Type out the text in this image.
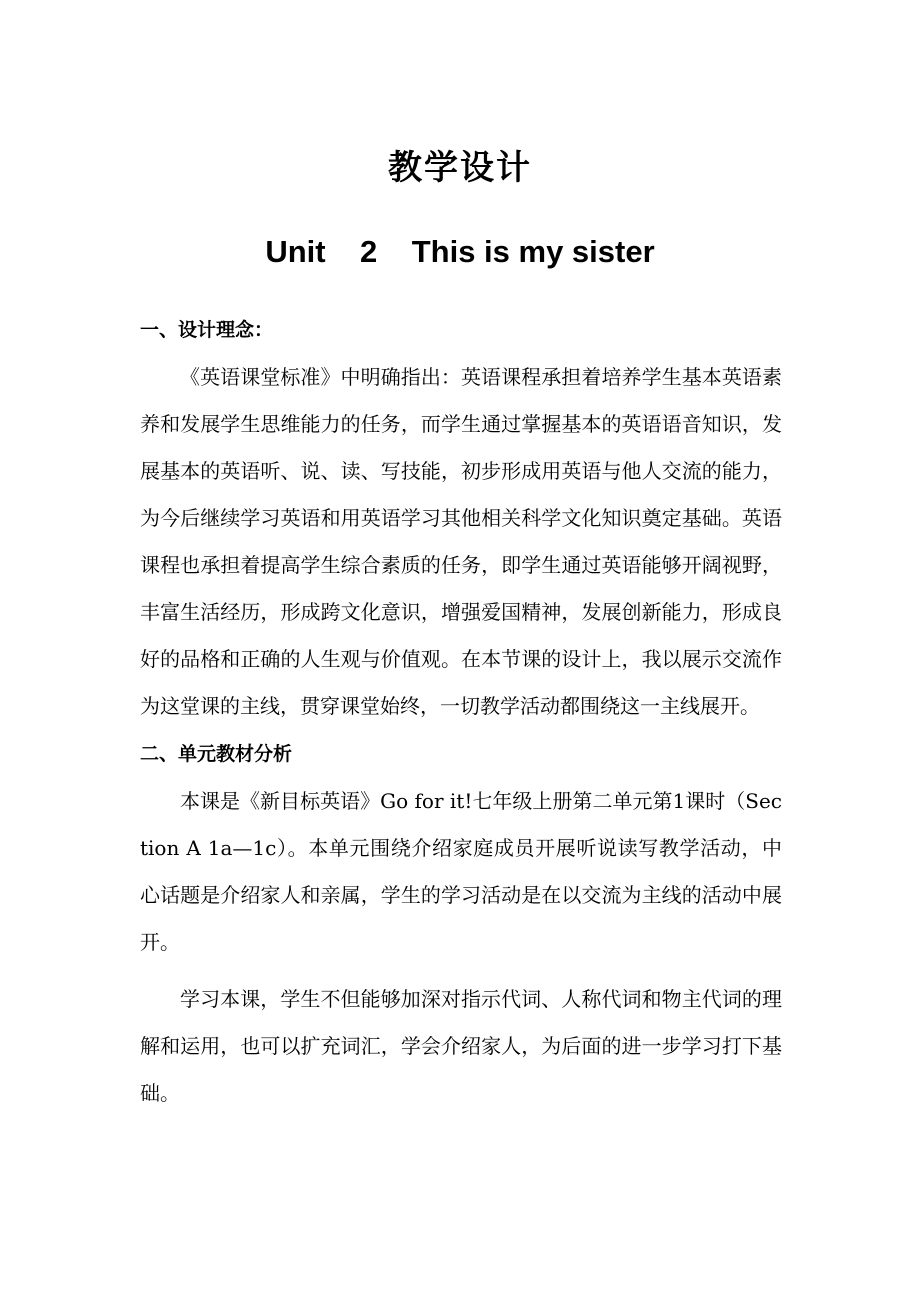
教学设计
Unit    2    This is my sister

一、设计理念：

《英语课堂标准》中明确指出：英语课程承担着培养学生基本英语素养和发展学生思维能力的任务，而学生通过掌握基本的英语语音知识，发展基本的英语听、说、读、写技能，初步形成用英语与他人交流的能力，为今后继续学习英语和用英语学习其他相关科学文化知识奠定基础。英语课程也承担着提高学生综合素质的任务，即学生通过英语能够开阔视野，丰富生活经历，形成跨文化意识，增强爱国精神，发展创新能力，形成良好的品格和正确的人生观与价值观。在本节课的设计上，我以展示交流作为这堂课的主线，贯穿课堂始终，一切教学活动都围绕这一主线展开。

二、单元教材分析

本课是《新目标英语》Go for it!七年级上册第二单元第1课时（Section A 1a—1c）。本单元围绕介绍家庭成员开展听说读写教学活动，中心话题是介绍家人和亲属，学生的学习活动是在以交流为主线的活动中展开。

学习本课，学生不但能够加深对指示代词、人称代词和物主代词的理解和运用，也可以扩充词汇，学会介绍家人，为后面的进一步学习打下基础。
